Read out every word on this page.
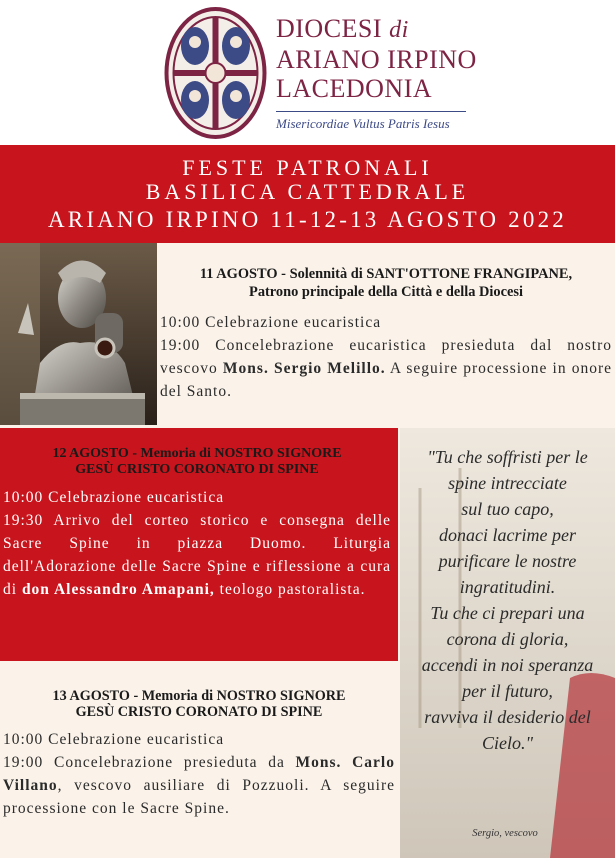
DIOCESI di
ARIANO IRPINO
LACEDONIA
Misericordiae Vultus Patris Iesus
FESTE PATRONALI
BASILICA CATTEDRALE
ARIANO IRPINO 11-12-13 AGOSTO 2022
11 AGOSTO - Solennità di SANT'OTTONE FRANGIPANE,
Patrono principale della Città e della Diocesi
10:00 Celebrazione eucaristica
19:00 Concelebrazione eucaristica presieduta dal nostro vescovo Mons. Sergio Melillo. A seguire processione in onore del Santo.
12 AGOSTO - Memoria di NOSTRO SIGNORE
GESÙ CRISTO CORONATO DI SPINE
10:00 Celebrazione eucaristica
19:30 Arrivo del corteo storico e consegna delle Sacre Spine in piazza Duomo. Liturgia dell'Adorazione delle Sacre Spine e riflessione a cura di don Alessandro Amapani, teologo pastoralista.
13 AGOSTO - Memoria di NOSTRO SIGNORE
GESÙ CRISTO CORONATO DI SPINE
10:00 Celebrazione eucaristica
19:00 Concelebrazione presieduta da Mons. Carlo Villano, vescovo ausiliare di Pozzuoli. A seguire processione con le Sacre Spine.
"Tu che soffristi per le
spine intrecciate
sul tuo capo,
donaci lacrime per
purificare le nostre
ingratitudini.
Tu che ci prepari una
corona di gloria,
accendi in noi speranza
per il futuro,
ravviva il desiderio del
Cielo."
Sergio, vescovo
